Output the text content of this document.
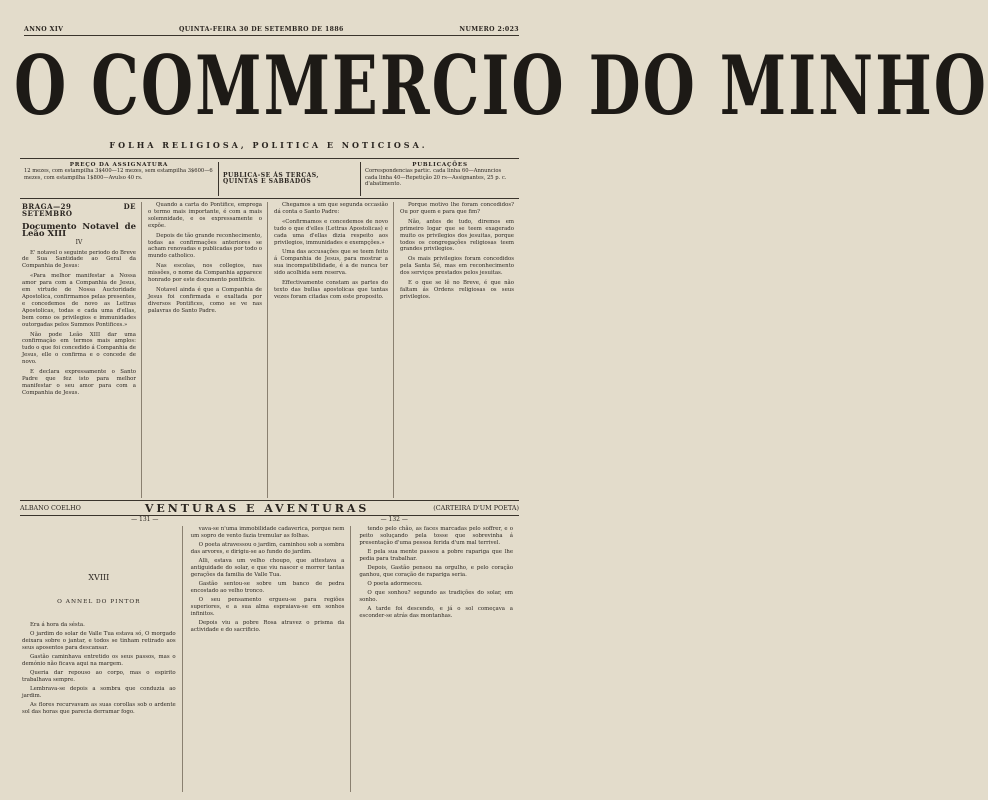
ANNO XIV	QUINTA-FEIRA 30 DE SETEMBRO DE 1886	NUMERO 2:023
O COMMERCIO DO MINHO
FOLHA RELIGIOSA, POLITICA E NOTICIOSA.
PREÇO DA ASSIGNATURA
12 mezes, com estampilha 3$400—12 mezes, sem estampilha 3$600—6 mezes, com estampilha 1$800—Avulso 40 rs.	PUBLICA-SE ÁS TERÇAS, QUINTAS E SABBADOS
PUBLICAÇÕES
Correspondencias partic. cada linha 60—Annuncios cada linha 40—Repetição 20 rs—Assignantes, 25 p. c. d'abatimento.
BRAGA—29 DE SETEMBRO
Documento Notavel de Leão XIII
IV

E' notavel o seguinte periodo do Breve de Sua Santidade ao Geral da Companhia de Jesus:

«Para melhor manifestar a Nossa amor para com a Companhia de Jesus, em virtude de Nossa Auctoridade Apostolica, confirmamos pelas presentes, e concedemos de novo as Lettras Apostolicas, todas e cada uma d'ellas, bem como os privilegios e immunidades outorgadas pelos Summos Pontifices.»

Não pode Leão XIII dar uma confirmação em termos mais amplos: tudo o que foi concedido á Companhia de Jesus, elle o confirma e o concede de novo.

E declara expressamente o Santo Padre que fez isto para melhor manifestar o seu amor para com a Companhia de Jesus.

Quando a carta do Pontifice, emprega o termo mais importante, é com a mais solemnidade, e os expressamente o expõe.

Depois de tão grande reconhecimento, todas as confirmações anteriores se acham renovadas e publicadas por todo o mundo catholico.

Nas escolas, nos collegios, nas missões, o nome da Companhia apparece honrado por este documento pontificio.

Notavel ainda é que a Companhia de Jesus foi confirmada e exaltada por diversos Pontifices, como se ve nas palavras do Santo Padre.

Chegamos a um que segunda occasião dá conta o Santo Padre:

«Confirmamos e concedemos de novo tudo o que d'elles (Lettras Apostolicas) e cada uma d'ellas dizia respeito aos privilegios, immunidades e exempções.»

Uma das accusações que se teem feito á Companhia de Jesus, para mostrar a sua incompatibilidade, é a de nunca ter sido acolhida sem reserva.

Effectivamente constam as partes do texto das bullas apostolicas que tantas vezes foram citadas com este proposito.

Porque motivo lhe foram concedidos? Ou por quem e para que fim?

Não, antes de tudo, diremos em primeiro logar que se teem exagerado muito os privilegios dos jesuitas, porque todos os congregações religiosas teem grandes privilegios.

Os mais privilegios foram concedidos pela Santa Sé, mas em reconhecimento dos serviços prestados pelos jesuitas.

E o que se lê no Breve, é que não faltam ás Ordens religiosas os seus privilegios.

ALBANO COELHO	VENTURAS E AVENTURAS	(CARTEIRA D'UM POETA)
— 131 —	— 132 —
XVIII
O ANNEL DO PINTOR

Era á hora da sésta.

O jardim do solar de Valle Tua estava só, O morgado deixara sobre o jantar, e todos se tinham retirado aos seus aposentos para descansar.

Gastão caminhava entretido os seus passos, mas o demónio não ficava aqui na margem.

Queria dar repouso ao corpo, mas o espirito trabalhava sempre.

Lembrava-se depois a sombra que conduzia ao jardim.

As flores recurvavam as suas corollas sob o ardente sol das horas que parecia derramar fogo.

vava-se n'uma immobilidade cadaverica, porque nem um sopro de vento fazia tremular as folhas.

O poeta atravessou o jardim, caminhou sob a sombra das arvores, e dirigiu-se ao fundo do jardim.

Alli, estava um velho choupo, que attestava a antiguidade do solar, e que viu nascer e morrer tantas gerações da familia de Valle Tua.

Gastão sentou-se sobre um banco de pedra encostado ao velho tronco.

O seu pensamento ergueu-se para regiões superiores, e a sua alma espraiava-se em sonhos infinitos.

Depois viu a pobre Rosa atravez o prisma da actividade e do sacrificio.

tendo pelo chão, as faces marcadas pelo soffrer, e o peito soluçando pela tosse que sobrevinha á presentação d'uma pessoa ferida d'um mal terrivel.

E pela sua mente passou a pobre rapariga que lhe pedia para trabalhar.

Depois, Gastão pensou na orgulho, e pelo coração ganhou, que coração de rapariga seria.

O poeta adormeceu.

O que sonhou? segundo as tradições do solar, em sonho.

A tarde foi descendo, e já o sol começava a esconder-se atrás das montanhas.
